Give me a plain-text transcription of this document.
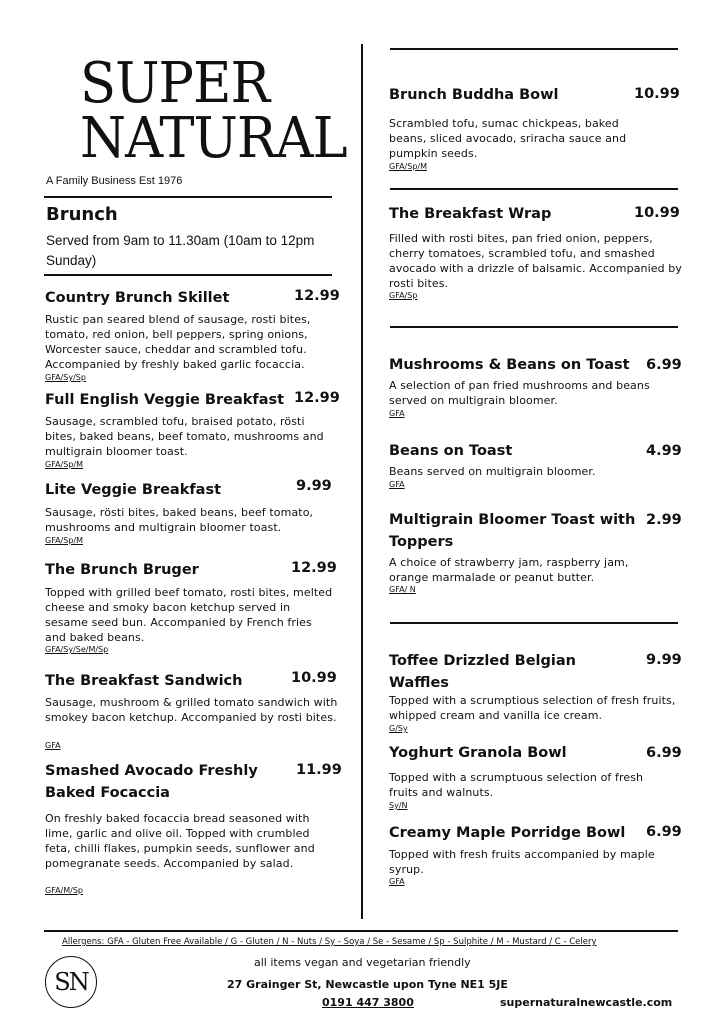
SUPER
NATURAL
A Family Business Est 1976
Brunch
Served from 9am to 11.30am (10am to 12pm Sunday)
Country Brunch Skillet	12.99
Rustic pan seared blend of sausage, rosti bites, tomato, red onion, bell peppers, spring onions, Worcester sauce, cheddar and scrambled tofu. Accompanied by freshly baked garlic focaccia.
GFA/Sy/Sp
Full English Veggie Breakfast 12.99
Sausage, scrambled tofu, braised potato, rösti bites, baked beans, beef tomato, mushrooms and multigrain bloomer toast.
GFA/Sp/M
Lite Veggie Breakfast	9.99
Sausage, rösti bites, baked beans, beef tomato, mushrooms and multigrain bloomer toast.
GFA/Sp/M
The Brunch Bruger	12.99
Topped with grilled beef tomato, rosti bites, melted cheese and smoky bacon ketchup served in sesame seed bun. Accompanied by French fries and baked beans.
GFA/Sy/Se/M/Sp
The Breakfast Sandwich	10.99
Sausage, mushroom & grilled tomato sandwich with smokey bacon ketchup. Accompanied by rosti bites.
GFA
Smashed Avocado Freshly Baked Focaccia
11.99
On freshly baked focaccia bread seasoned with lime, garlic and olive oil. Topped with crumbled feta, chilli flakes, pumpkin seeds, sunflower and pomegranate seeds. Accompanied by salad.
GFA/M/Sp
Brunch Buddha Bowl	10.99
Scrambled tofu, sumac chickpeas, baked beans, sliced avocado, sriracha sauce and pumpkin seeds.
GFA/Sp/M
The Breakfast Wrap	10.99
Filled with rosti bites, pan fried onion, peppers, cherry tomatoes, scrambled tofu, and smashed avocado with a drizzle of balsamic. Accompanied by rosti bites.
GFA/Sp
Mushrooms & Beans on Toast	6.99
A selection of pan fried mushrooms and beans served on multigrain bloomer.
GFA
Beans on Toast	4.99
Beans served on multigrain bloomer.
GFA
Multigrain Bloomer Toast with Toppers
2.99
A choice of strawberry jam, raspberry jam, orange marmalade or peanut butter.
GFA/ N
Toffee Drizzled Belgian Waffles
9.99
Topped with a scrumptious selection of fresh fruits, whipped cream and vanilla ice cream.
G/Sy
Yoghurt Granola Bowl	6.99
Topped with a scrumptuous selection of fresh fruits and walnuts.
Sy/N
Creamy Maple Porridge Bowl	6.99
Topped with fresh fruits accompanied by maple syrup.
GFA
Allergens: GFA - Gluten Free Available / G - Gluten / N - Nuts / Sy - Soya / Se - Sesame / Sp - Sulphite / M - Mustard / C - Celery
SN
all items vegan and vegetarian friendly
27 Grainger St, Newcastle upon Tyne NE1 5JE
0191 447 3800	supernaturalnewcastle.com
